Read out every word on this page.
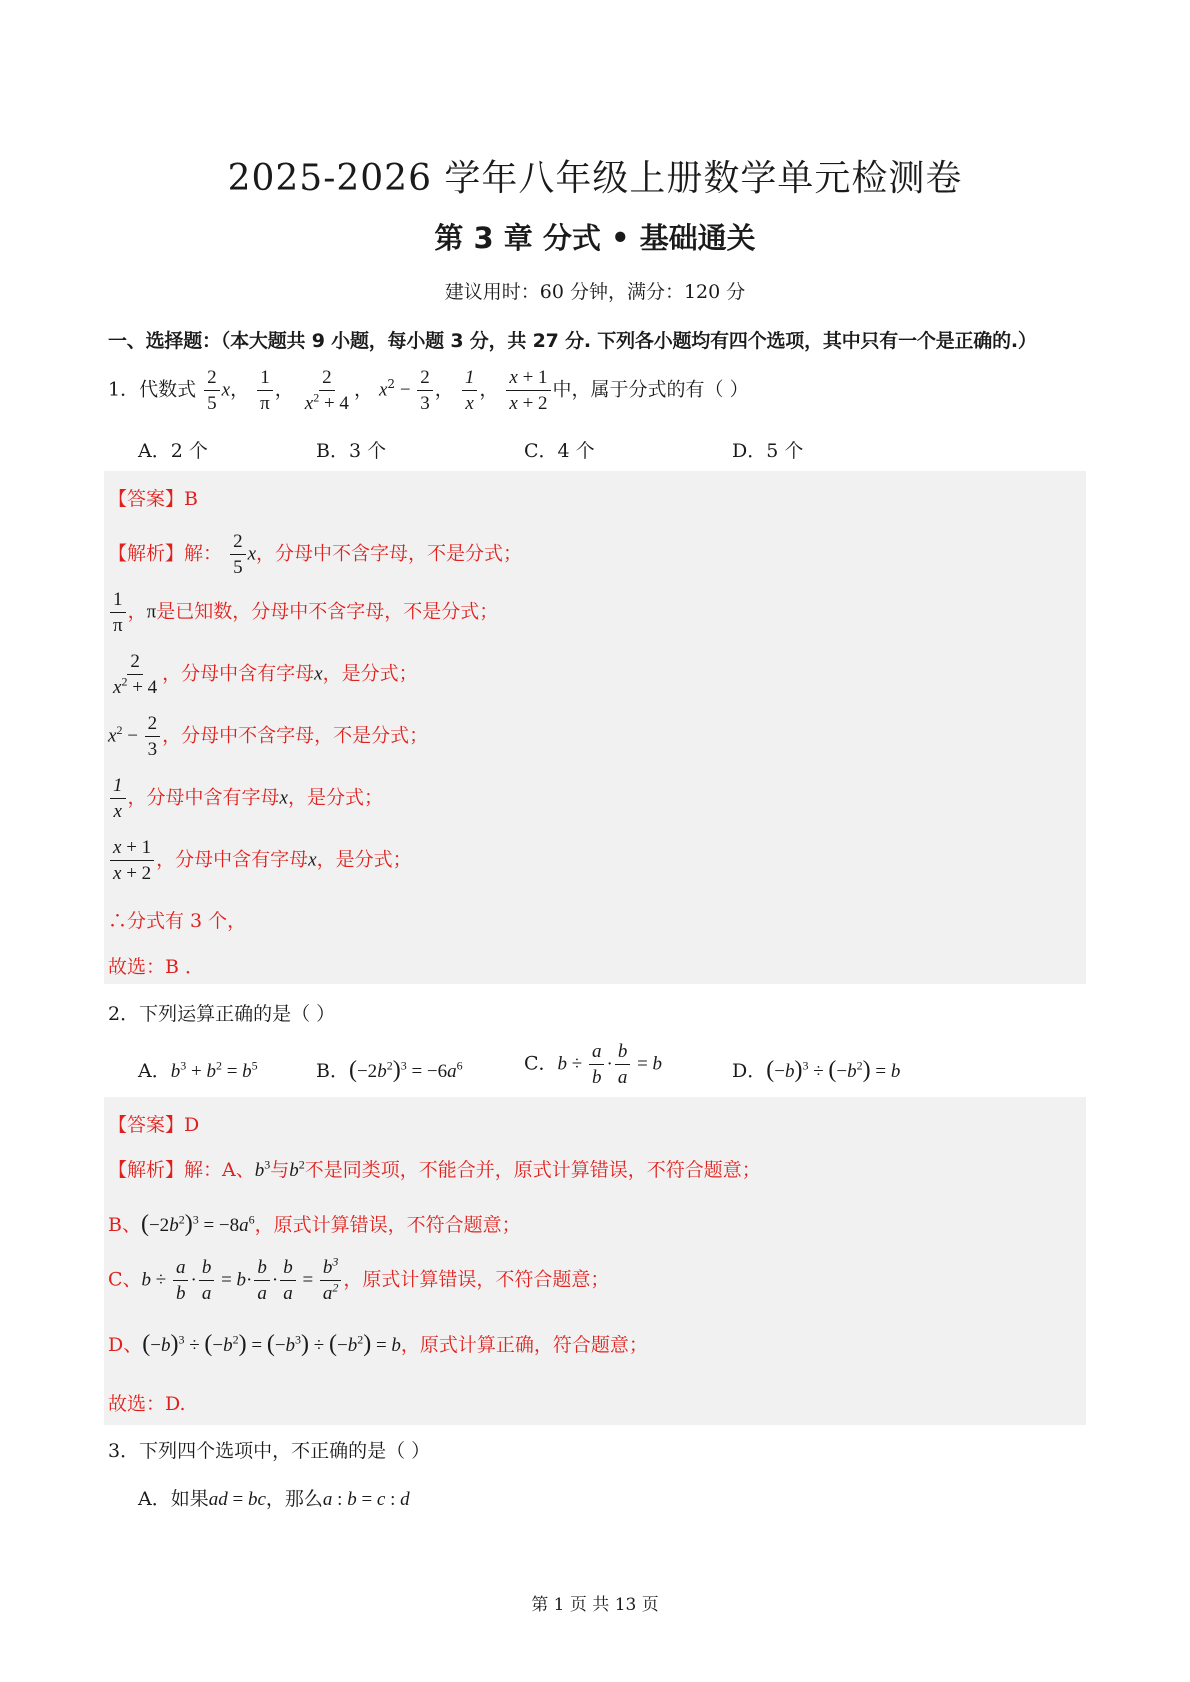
2025-2026 学年八年级上册数学单元检测卷
第 3 章 分式 • 基础通关
建议用时：60 分钟，满分：120 分
一、选择题：（本大题共 9 小题，每小题 3 分，共 27 分. 下列各小题均有四个选项，其中只有一个是正确的.）
1．代数式 $\frac{2}{5}$ x， $\frac{1}{\pi}$ ， $\frac{2}{x^2 + 4}$ ， $x^2 - \frac{2}{3}$ ， $\frac{1}{x}$ ， $\frac{x + 1}{x + 2}$ 中，属于分式的有（ ）
A．2 个	B．3 个	C．4 个	D．5 个
【答案】B
【解析】解： $\frac{2}{5}$ x，分母中不含字母，不是分式；
$\frac{1}{\pi}$ ，π是已知数，分母中不含字母，不是分式；
$\frac{2}{x^2 + 4}$ ，分母中含有字母x，是分式；
$x^2 - \frac{2}{3}$ ，分母中不含字母，不是分式；
$\frac{1}{x}$ ，分母中含有字母x，是分式；
$\frac{x + 1}{x + 2}$ ，分母中含有字母x，是分式；
∴分式有 3 个，
故选：B ．
2．下列运算正确的是（ ）
A．$b^3 + b^2 = b^5$	B．$(-2b^2)^3 = -6a^6$	C．$b \div \frac{a}{b} \cdot \frac{b}{a} = b$	D．$(-b)^3 \div (-b^2) = b$
【答案】D
【解析】解：A、$b^3$与$b^2$不是同类项，不能合并，原式计算错误，不符合题意；
B、$(-2b^2)^3 = -8a^6$，原式计算错误，不符合题意；
C、$b \div \frac{a}{b} \cdot \frac{b}{a} = b\cdot \frac{b}{a} \cdot \frac{b}{a} = \frac{b^3}{a^2}$ ，原式计算错误，不符合题意；
D、$(-b)^3 \div (-b^2) = (-b^3) \div (-b^2) = b$，原式计算正确，符合题意；
故选：D.
3．下列四个选项中，不正确的是（ ）
A．如果ad = bc，那么a : b = c : d
第 1 页 共 13 页
